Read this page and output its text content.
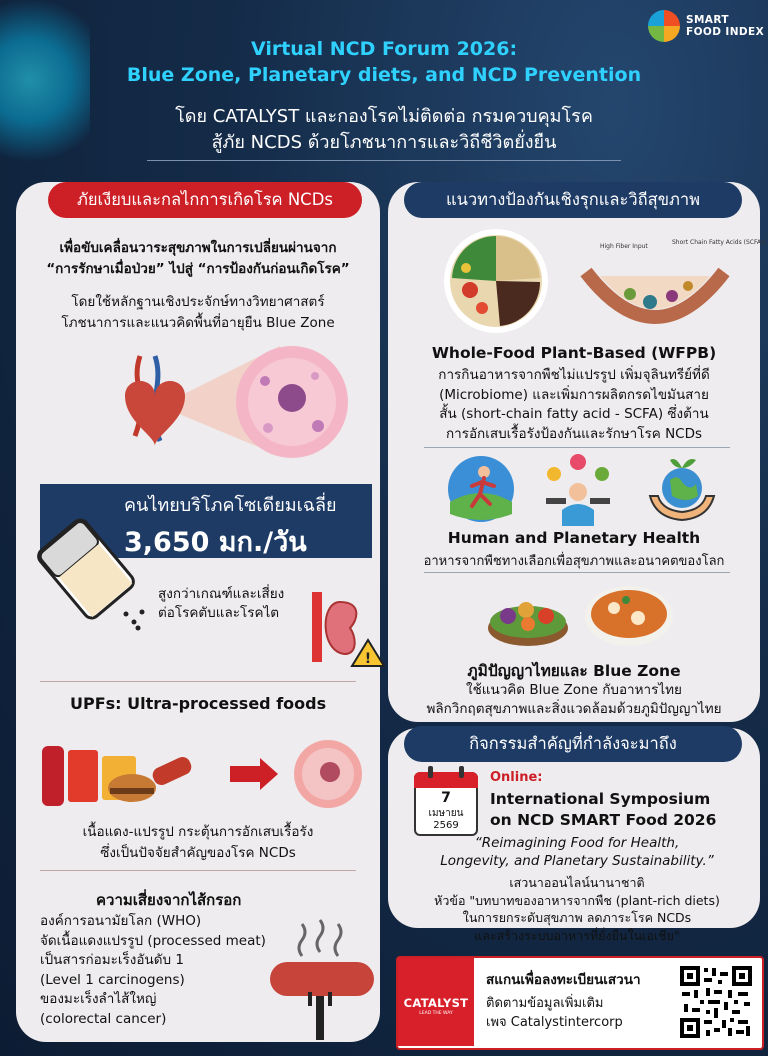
SMART
FOOD INDEX
Virtual NCD Forum 2026:
Blue Zone, Planetary diets, and NCD Prevention
โดย CATALYST และกองโรคไม่ติดต่อ กรมควบคุมโรค
สู้ภัย NCDS ด้วยโภชนาการและวิถีชีวิตยั่งยืน
ภัยเงียบและกลไกการเกิดโรค NCDs
เพื่อขับเคลื่อนวาระสุขภาพในการเปลี่ยนผ่านจาก
“การรักษาเมื่อป่วย” ไปสู่ “การป้องกันก่อนเกิดโรค”
โดยใช้หลักฐานเชิงประจักษ์ทางวิทยาศาสตร์
โภชนาการและแนวคิดพื้นที่อายุยืน Blue Zone
คนไทยบริโภคโซเดียมเฉลี่ย
3,650 มก./วัน
สูงกว่าเกณฑ์และเสี่ยง
ต่อโรคตับและโรคไต
!
UPFs: Ultra-processed foods
เนื้อแดง-แปรรูป กระตุ้นการอักเสบเรื้อรัง
ซึ่งเป็นปัจจัยสำคัญของโรค NCDs
ความเสี่ยงจากไส้กรอก
องค์การอนามัยโลก (WHO)
จัดเนื้อแดงแปรรูป (processed meat)
เป็นสารก่อมะเร็งอันดับ 1
(Level 1 carcinogens)
ของมะเร็งลำไส้ใหญ่
(colorectal cancer)
แนวทางป้องกันเชิงรุกและวิถีสุขภาพ
High Fiber Input
Short Chain Fatty Acids (SCFAs)
Whole-Food Plant-Based (WFPB)
การกินอาหารจากพืชไม่แปรรูป เพิ่มจุลินทรีย์ที่ดี
(Microbiome) และเพิ่มการผลิตกรดไขมันสาย
สั้น (short-chain fatty acid - SCFA) ซึ่งต้าน
การอักเสบเรื้อรังป้องกันและรักษาโรค NCDs
Human and Planetary Health
อาหารจากพืชทางเลือกเพื่อสุขภาพและอนาคตของโลก
ภูมิปัญญาไทยและ Blue Zone
ใช้แนวคิด Blue Zone กับอาหารไทย
พลิกวิกฤตสุขภาพและสิ่งแวดล้อมด้วยภูมิปัญญาไทย
กิจกรรมสำคัญที่กำลังจะมาถึง
7
เมษายน
2569
Online:
International Symposium
on NCD SMART Food 2026
“Reimagining Food for Health,
Longevity, and Planetary Sustainability.”
เสวนาออนไลน์นานาชาติ
หัวข้อ "บทบาทของอาหารจากพืช (plant-rich diets)
ในการยกระดับสุขภาพ ลดภาระโรค NCDs
และสร้างระบบอาหารที่ยั่งยืนในเอเชีย"
CATALYST
LEAD THE WAY
สแกนเพื่อลงทะเบียนเสวนา
ติดตามข้อมูลเพิ่มเติม
เพจ Catalystintercorp
